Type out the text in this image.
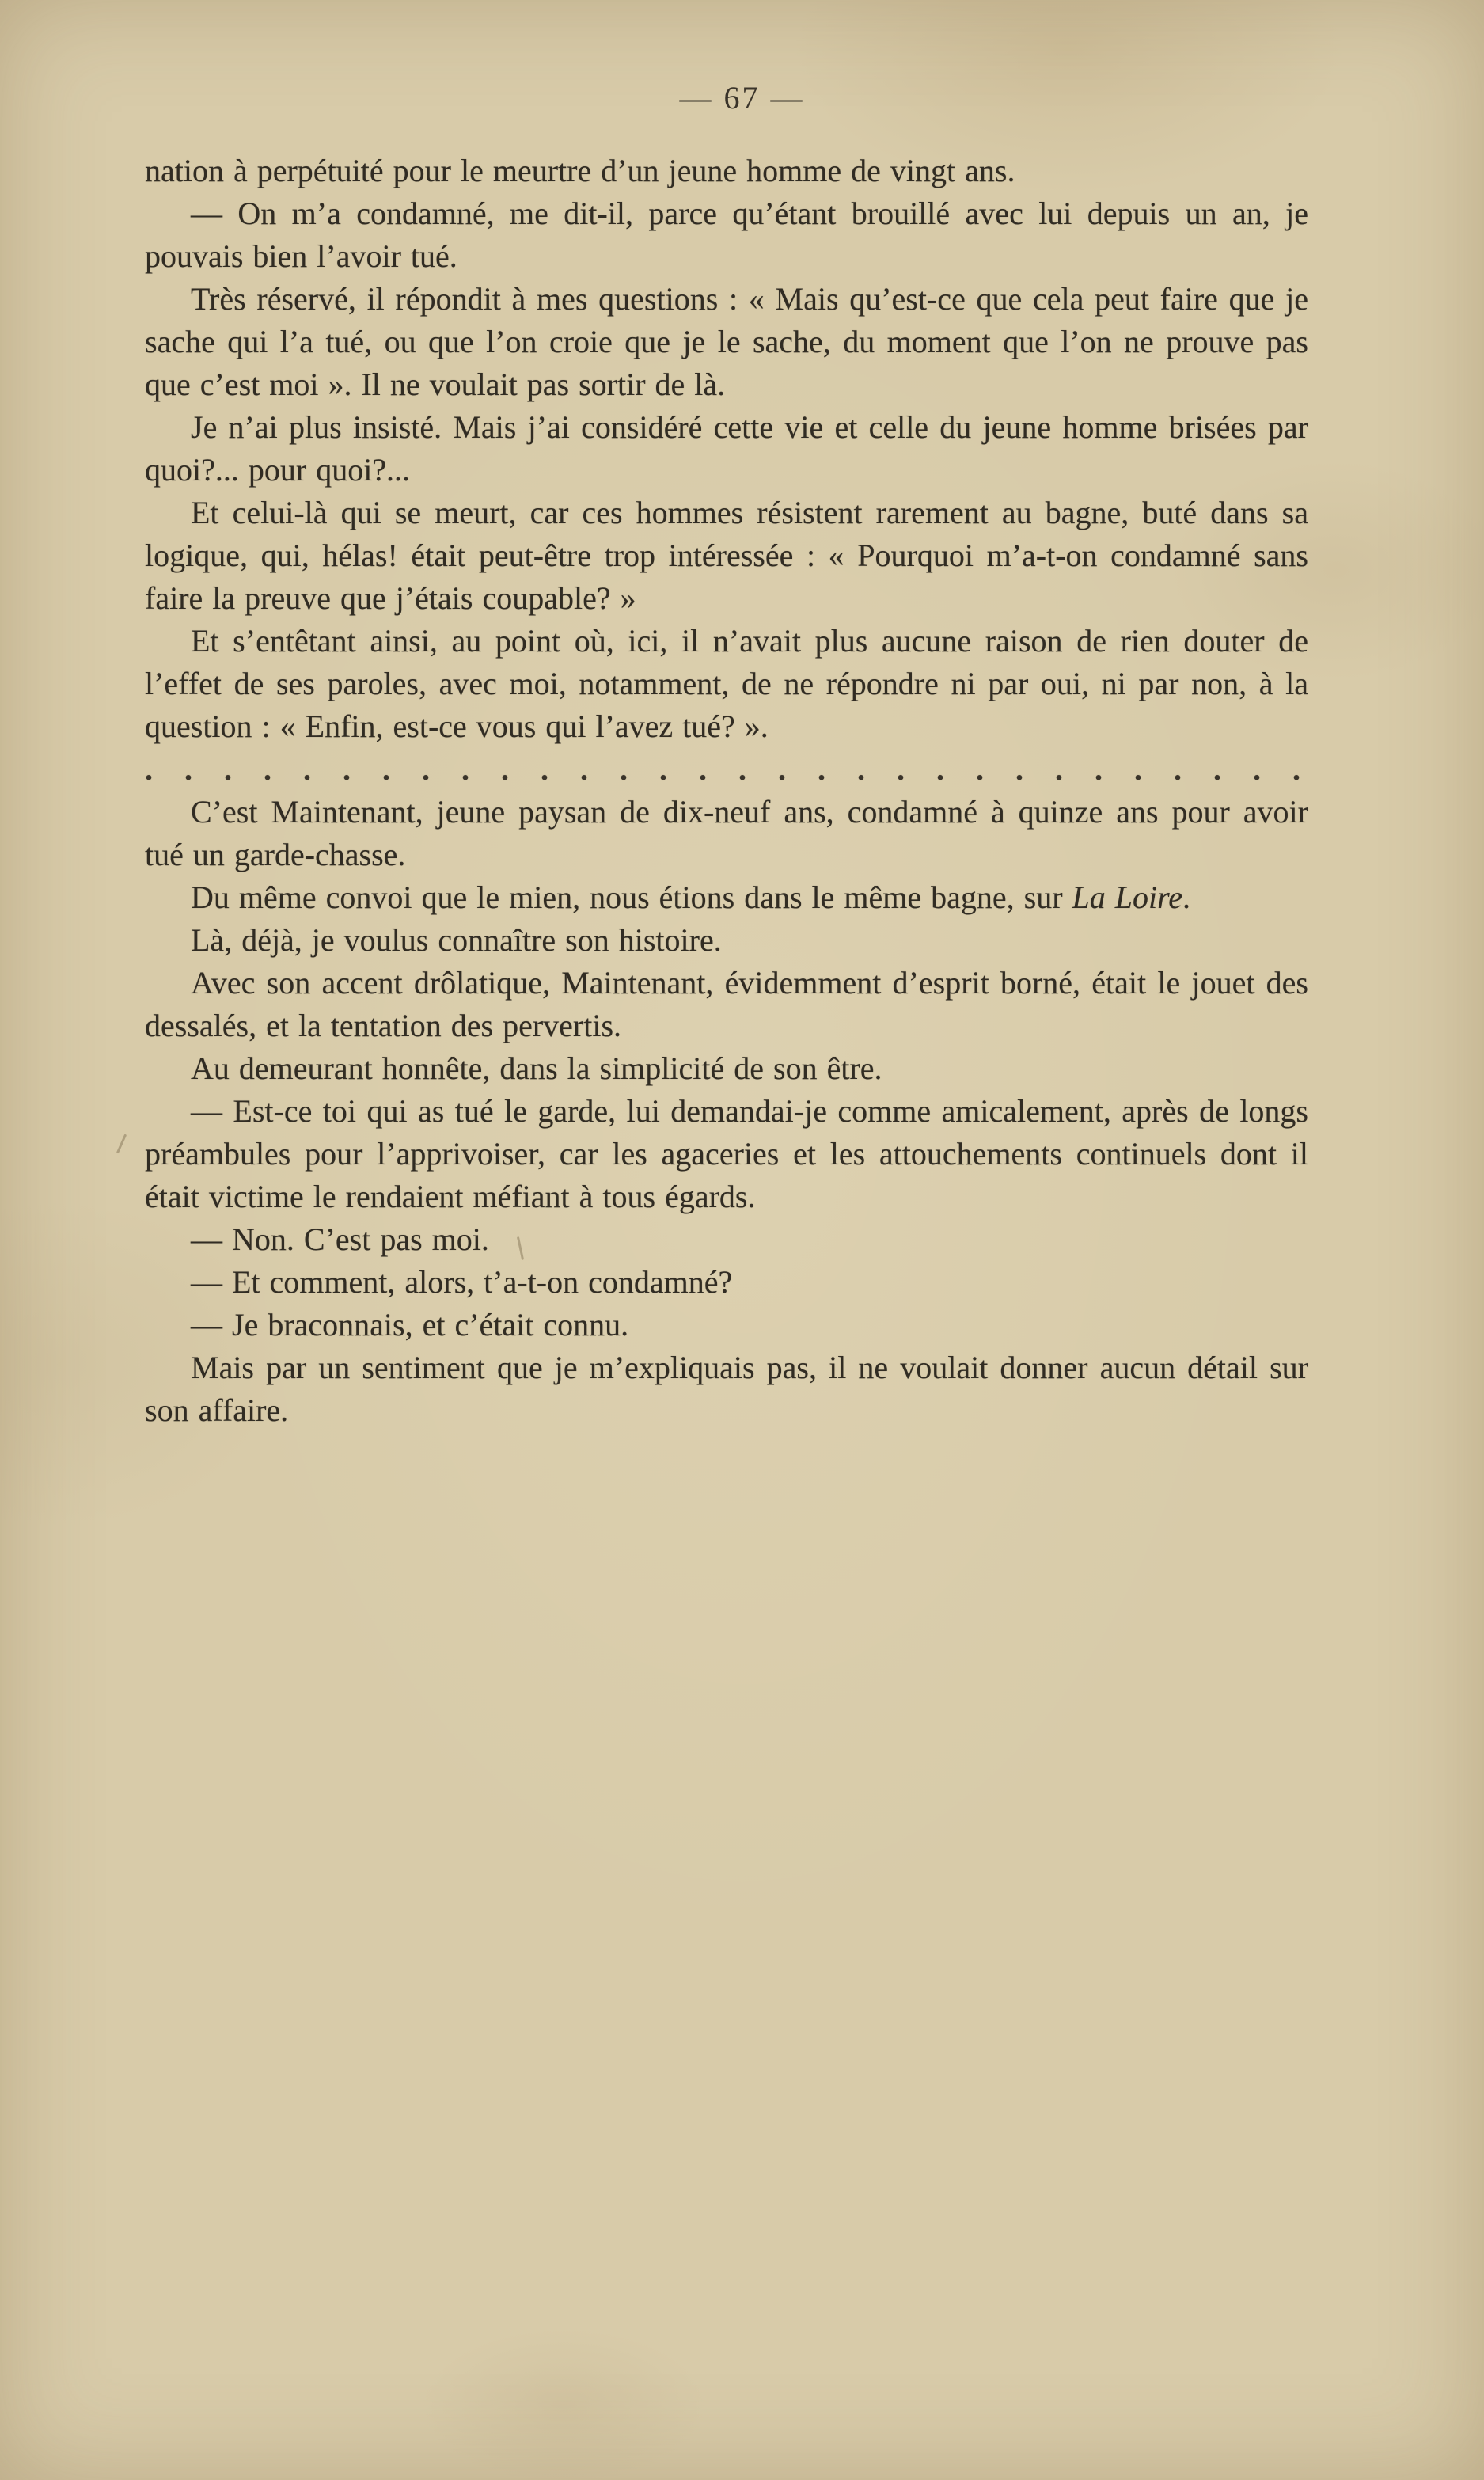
— 67 —

nation à perpétuité pour le meurtre d’un jeune homme de vingt ans.

— On m’a condamné, me dit-il, parce qu’étant brouillé avec lui depuis un an, je pouvais bien l’avoir tué.

Très réservé, il répondit à mes questions : « Mais qu’est-ce que cela peut faire que je sache qui l’a tué, ou que l’on croie que je le sache, du moment que l’on ne prouve pas que c’est moi ». Il ne voulait pas sortir de là.

Je n’ai plus insisté. Mais j’ai considéré cette vie et celle du jeune homme brisées par quoi?... pour quoi?...

Et celui-là qui se meurt, car ces hommes résistent rarement au bagne, buté dans sa logique, qui, hélas! était peut-être trop intéressée : « Pourquoi m’a-t-on condamné sans faire la preuve que j’étais coupable? »

Et s’entêtant ainsi, au point où, ici, il n’avait plus aucune raison de rien douter de l’effet de ses paroles, avec moi, notamment, de ne répondre ni par oui, ni par non, à la question : « Enfin, est-ce vous qui l’avez tué? ».

. . . . . . . . . . . . . . . . . . . . . . . . . . . . . .

C’est Maintenant, jeune paysan de dix-neuf ans, condamné à quinze ans pour avoir tué un garde-chasse.

Du même convoi que le mien, nous étions dans le même bagne, sur La Loire.

Là, déjà, je voulus connaître son histoire.

Avec son accent drôlatique, Maintenant, évidemment d’esprit borné, était le jouet des dessalés, et la tentation des pervertis.

Au demeurant honnête, dans la simplicité de son être.

— Est-ce toi qui as tué le garde, lui demandai-je comme amicalement, après de longs préambules pour l’apprivoiser, car les agaceries et les attouchements continuels dont il était victime le rendaient méfiant à tous égards.

— Non. C’est pas moi.

— Et comment, alors, t’a-t-on condamné?

— Je braconnais, et c’était connu.

Mais par un sentiment que je m’expliquais pas, il ne voulait donner aucun détail sur son affaire.
